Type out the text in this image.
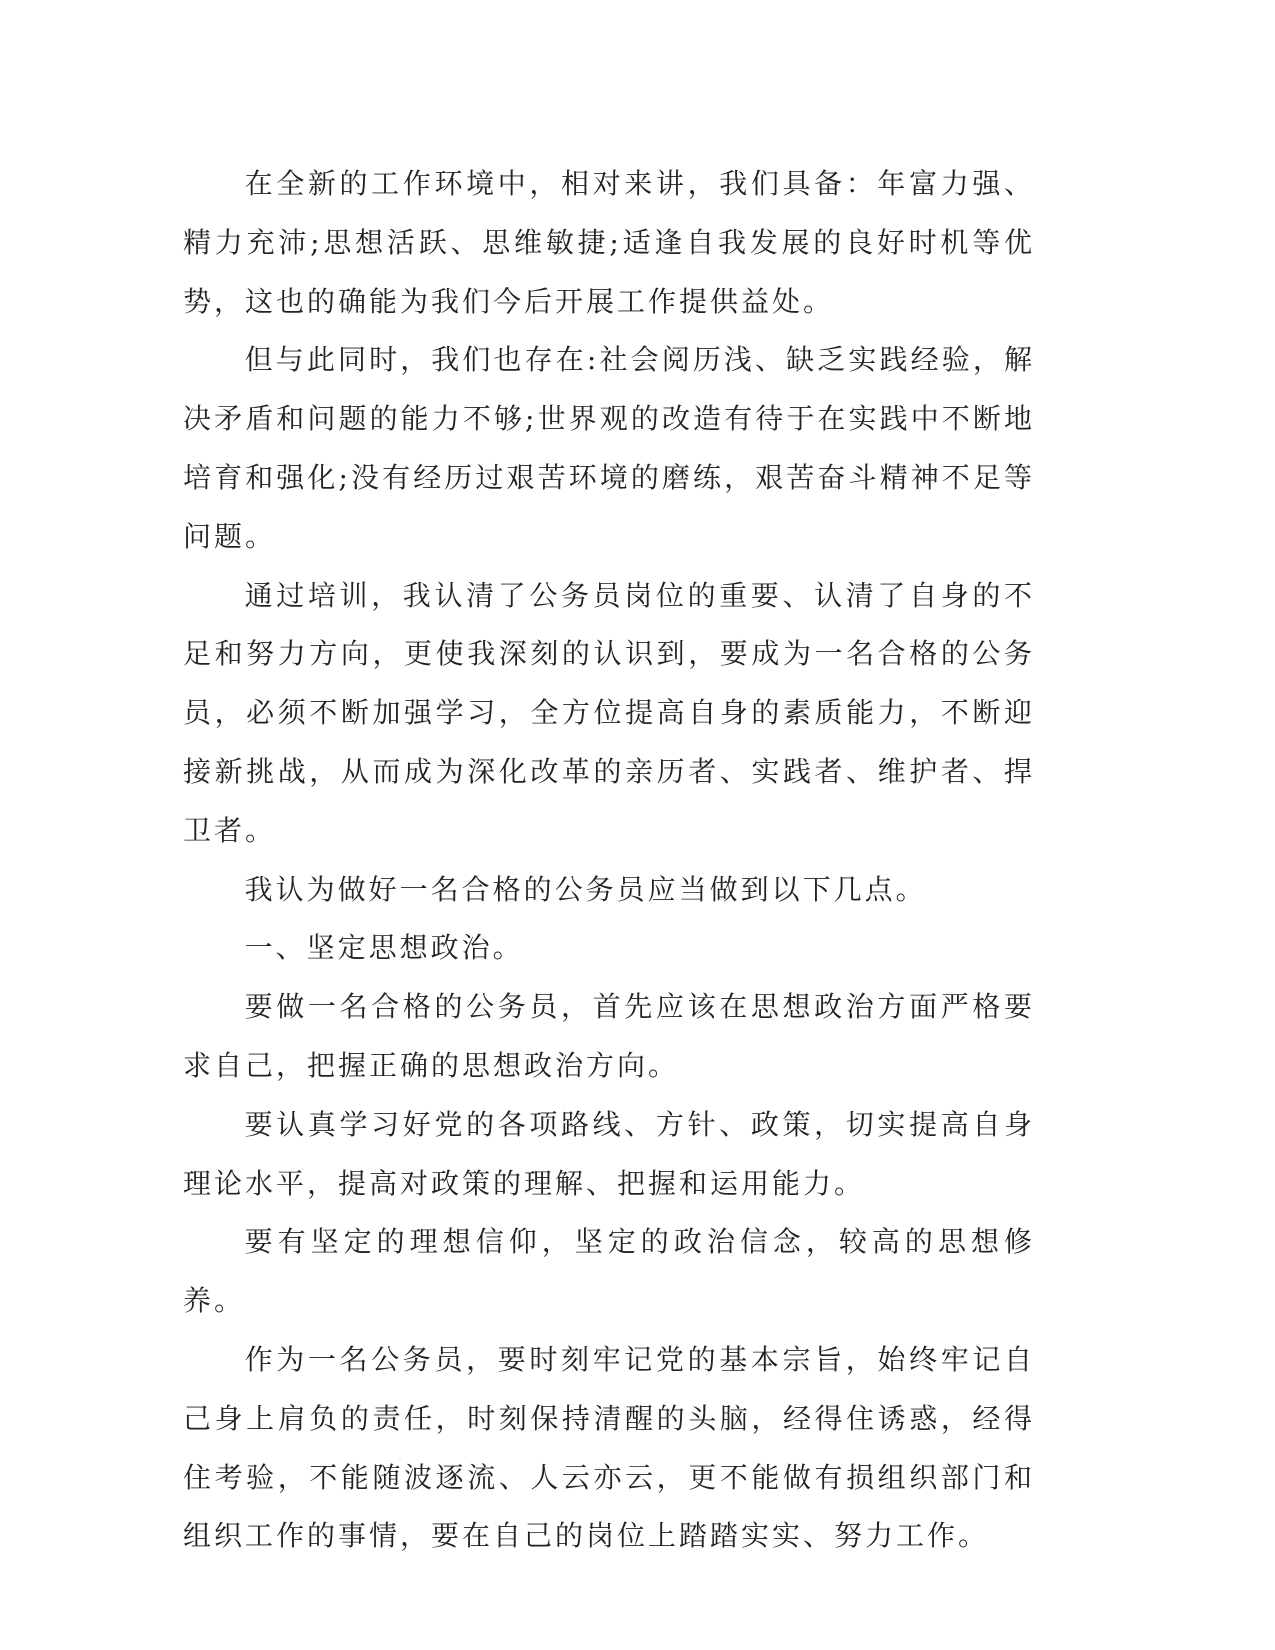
在全新的工作环境中，相对来讲，我们具备：年富力强、精力充沛;思想活跃、思维敏捷;适逢自我发展的良好时机等优势，这也的确能为我们今后开展工作提供益处。

但与此同时，我们也存在:社会阅历浅、缺乏实践经验，解决矛盾和问题的能力不够;世界观的改造有待于在实践中不断地培育和强化;没有经历过艰苦环境的磨练，艰苦奋斗精神不足等问题。

通过培训，我认清了公务员岗位的重要、认清了自身的不足和努力方向，更使我深刻的认识到，要成为一名合格的公务员，必须不断加强学习，全方位提高自身的素质能力，不断迎接新挑战，从而成为深化改革的亲历者、实践者、维护者、捍卫者。

我认为做好一名合格的公务员应当做到以下几点。

一、坚定思想政治。

要做一名合格的公务员，首先应该在思想政治方面严格要求自己，把握正确的思想政治方向。

要认真学习好党的各项路线、方针、政策，切实提高自身理论水平，提高对政策的理解、把握和运用能力。

要有坚定的理想信仰，坚定的政治信念，较高的思想修养。

作为一名公务员，要时刻牢记党的基本宗旨，始终牢记自己身上肩负的责任，时刻保持清醒的头脑，经得住诱惑，经得住考验，不能随波逐流、人云亦云，更不能做有损组织部门和组织工作的事情，要在自己的岗位上踏踏实实、努力工作。
